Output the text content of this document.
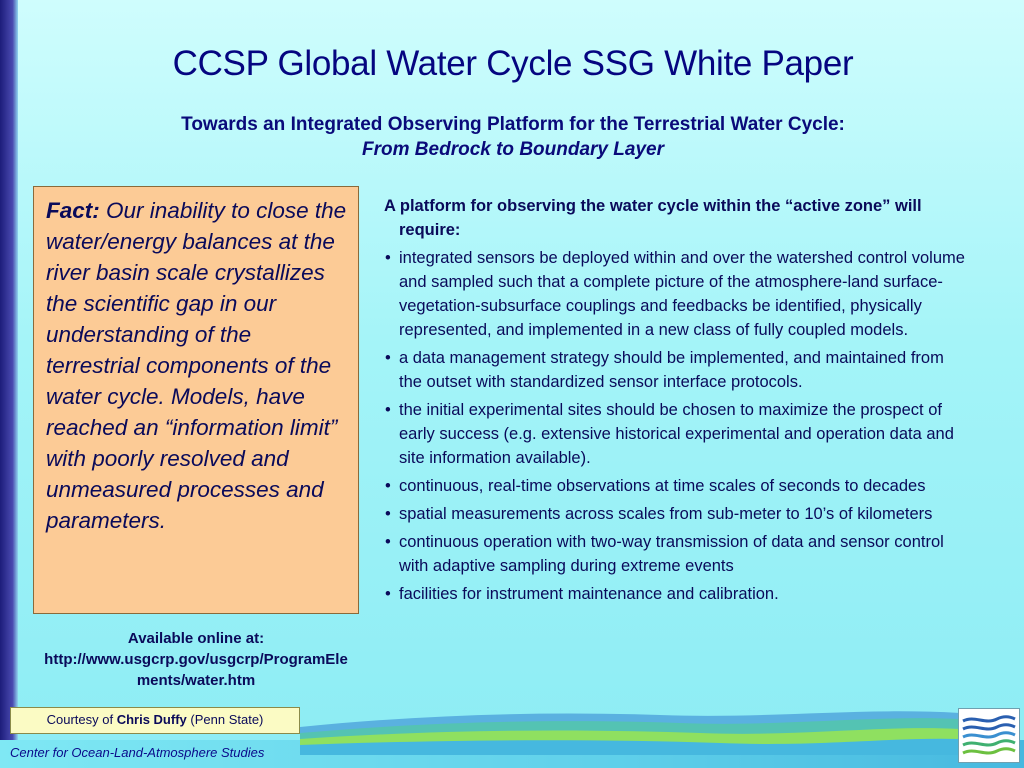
CCSP Global Water Cycle SSG White Paper
Towards an Integrated Observing Platform for the Terrestrial Water Cycle:
From Bedrock to Boundary Layer
Fact: Our inability to close the water/energy balances at the river basin scale crystallizes the scientific gap in our understanding of the terrestrial components of the water cycle. Models, have reached an “information limit” with poorly resolved and unmeasured processes and parameters.
Available online at:
http://www.usgcrp.gov/usgcrp/ProgramEle
ments/water.htm
A platform for observing the water cycle within the “active zone” will require:
• integrated sensors be deployed within and over the watershed control volume and sampled such that a complete picture of the atmosphere-land surface-vegetation-subsurface couplings and feedbacks be identified, physically represented, and implemented in a new class of fully coupled models.
• a data management strategy should be implemented, and maintained from the outset with standardized sensor interface protocols.
• the initial experimental sites should be chosen to maximize the prospect of early success (e.g. extensive historical experimental and operation data and site information available).
• continuous, real-time observations at time scales of seconds to decades
• spatial measurements across scales from sub-meter to 10’s of kilometers
• continuous operation with two-way transmission of data and sensor control with adaptive sampling during extreme events
• facilities for instrument maintenance and calibration.
Courtesy of Chris Duffy (Penn State)
Center for Ocean-Land-Atmosphere Studies
